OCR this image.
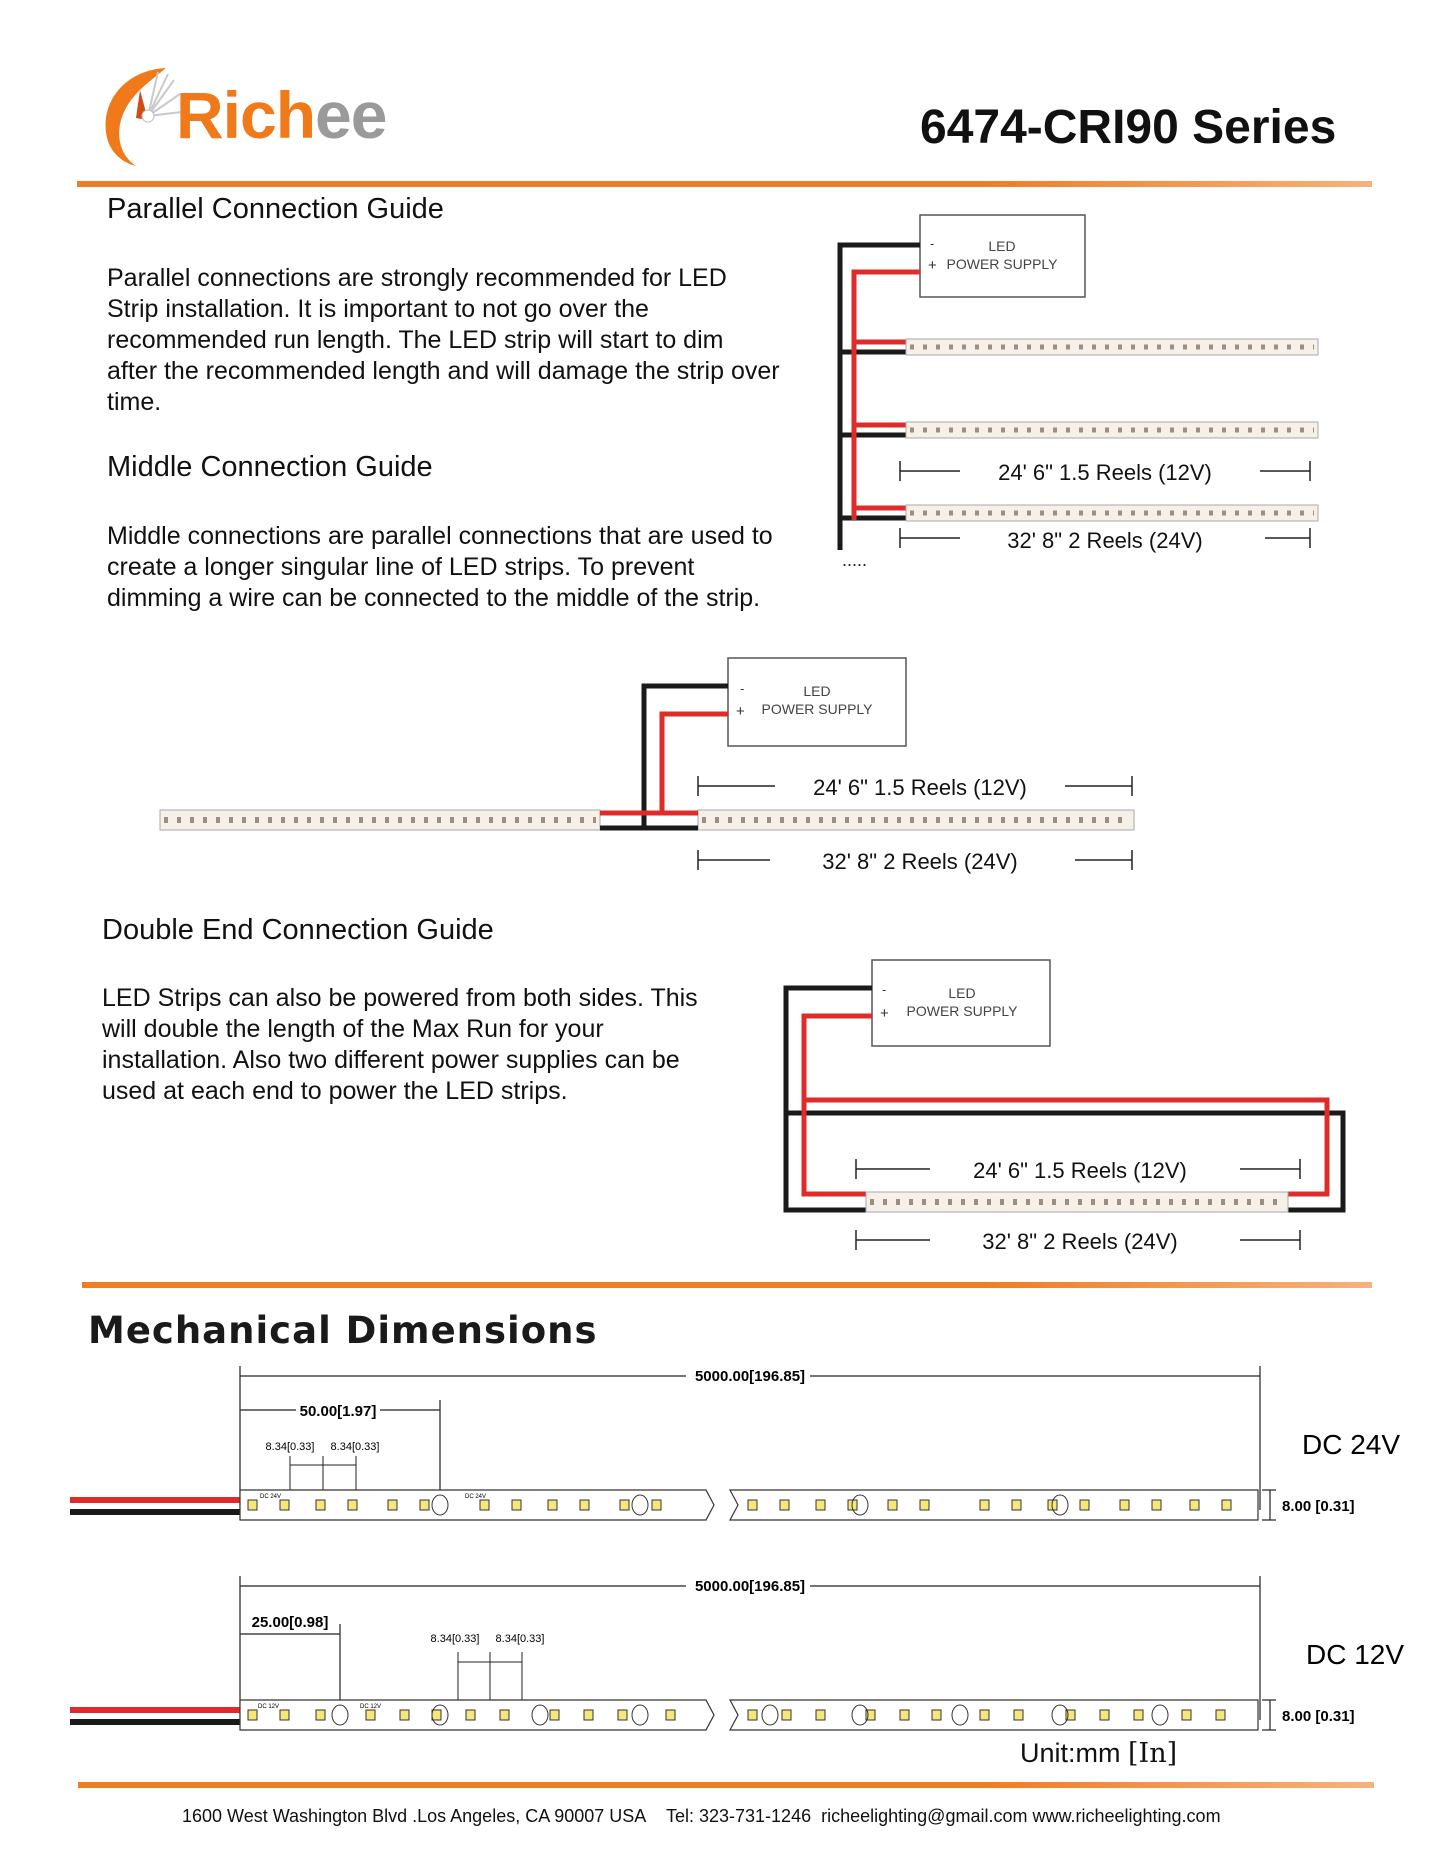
Richee	6474-CRI90 Series
Parallel Connection Guide
Parallel connections are strongly recommended for LED
Strip installation. It is important to not go over the
recommended run length. The LED strip will start to dim
after the recommended length and will damage the strip over
time.
-
+
LED
POWER SUPPLY
24' 6" 1.5 Reels (12V)
32' 8" 2 Reels (24V)
.....
Middle Connection Guide
Middle connections are parallel connections that are used to
create a longer singular line of LED strips. To prevent
dimming a wire can be connected to the middle of the strip.
-
+
LED
POWER SUPPLY
24' 6" 1.5 Reels (12V)
32' 8" 2 Reels (24V)
Double End Connection Guide
LED Strips can also be powered from both sides. This
will double the length of the Max Run for your
installation. Also two different power supplies can be
used at each end to power the LED strips.
-
+
LED
POWER SUPPLY
24' 6" 1.5 Reels (12V)
32' 8" 2 Reels (24V)
Mechanical Dimensions
5000.00[196.85]
50.00[1.97]
8.34[0.33] 8.34[0.33]
DC 24V	DC 24V
DC 24V
8.00 [0.31]
5000.00[196.85]
25.00[0.98]
8.34[0.33] 8.34[0.33]
DC 12V	DC 12V
DC 12V
8.00 [0.31]
Unit:mm [In]
1600 West Washington Blvd .Los Angeles, CA 90007 USA Tel: 323-731-1246 richeelighting@gmail.com www.richeelighting.com
